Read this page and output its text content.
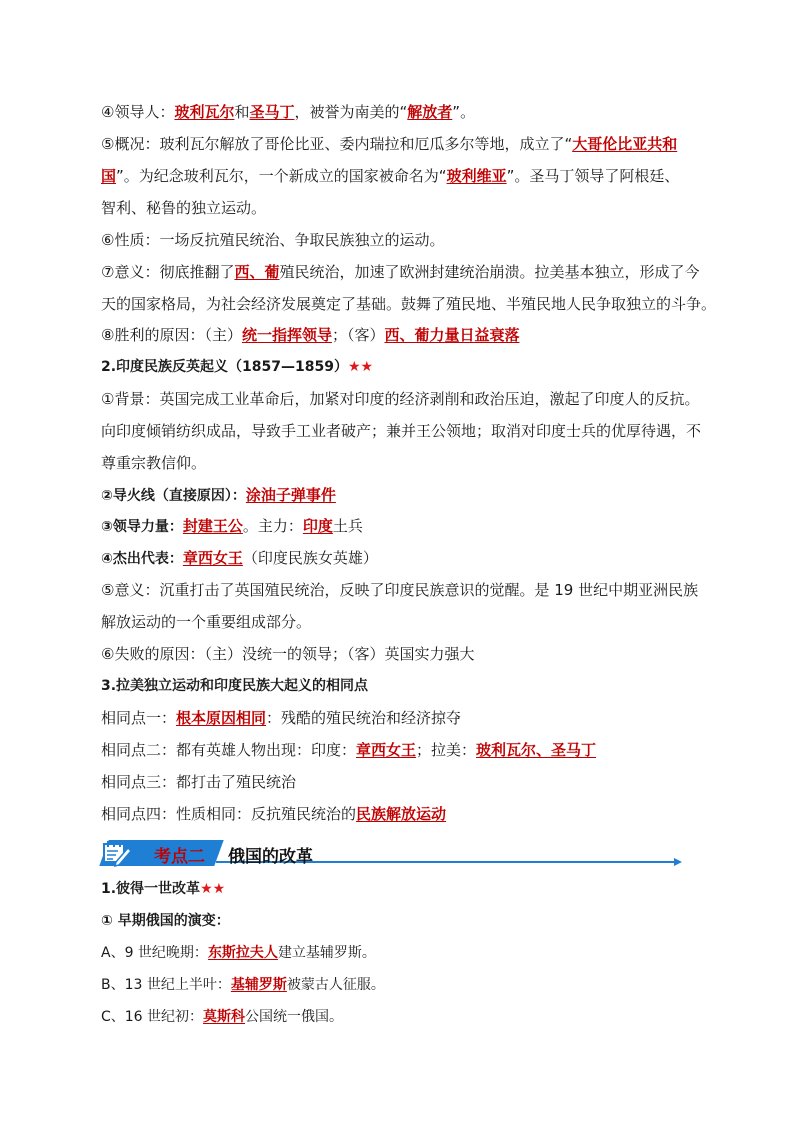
④领导人：玻利瓦尔和圣马丁，被誉为南美的“解放者”。
⑤概况：玻利瓦尔解放了哥伦比亚、委内瑞拉和厄瓜多尔等地，成立了“大哥伦比亚共和
国”。为纪念玻利瓦尔，一个新成立的国家被命名为“玻利维亚”。圣马丁领导了阿根廷、
智利、秘鲁的独立运动。
⑥性质：一场反抗殖民统治、争取民族独立的运动。
⑦意义：彻底推翻了西、葡殖民统治，加速了欧洲封建统治崩溃。拉美基本独立，形成了今
天的国家格局，为社会经济发展奠定了基础。鼓舞了殖民地、半殖民地人民争取独立的斗争。
⑧胜利的原因：（主）统一指挥领导；（客）西、葡力量日益衰落
2.印度民族反英起义（1857—1859）★★
①背景：英国完成工业革命后，加紧对印度的经济剥削和政治压迫，激起了印度人的反抗。
向印度倾销纺织成品，导致手工业者破产；兼并王公领地；取消对印度士兵的优厚待遇，不
尊重宗教信仰。
②导火线（直接原因）：涂油子弹事件
③领导力量：封建王公。主力：印度土兵
④杰出代表：章西女王（印度民族女英雄）
⑤意义：沉重打击了英国殖民统治，反映了印度民族意识的觉醒。是 19 世纪中期亚洲民族
解放运动的一个重要组成部分。
⑥失败的原因：（主）没统一的领导；（客）英国实力强大
3.拉美独立运动和印度民族大起义的相同点
相同点一：根本原因相同：残酷的殖民统治和经济掠夺
相同点二：都有英雄人物出现：印度：章西女王；拉美：玻利瓦尔、圣马丁
相同点三：都打击了殖民统治
相同点四：性质相同：反抗殖民统治的民族解放运动
考点二 俄国的改革
1.彼得一世改革★★
① 早期俄国的演变：
A、9 世纪晚期：东斯拉夫人建立基辅罗斯。
B、13 世纪上半叶：基辅罗斯被蒙古人征服。
C、16 世纪初：莫斯科公国统一俄国。
